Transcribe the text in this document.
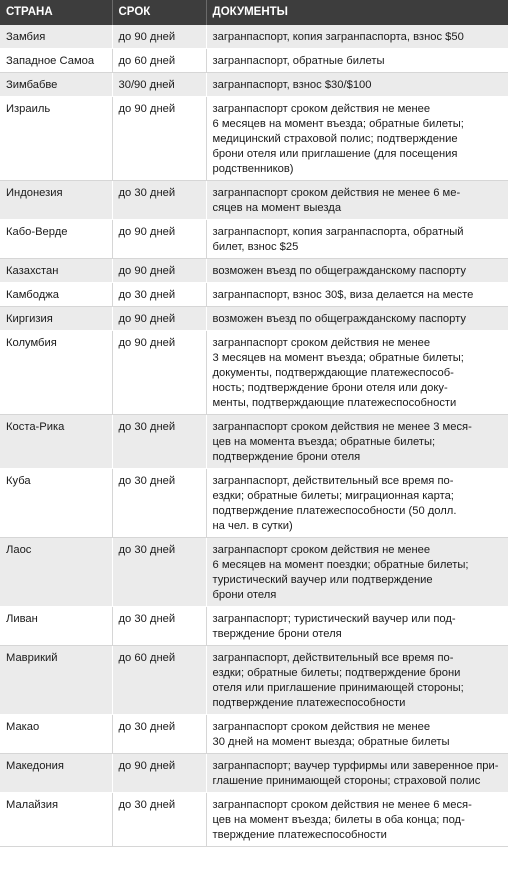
СТРАНА	СРОК	ДОКУМЕНТЫ
Замбия	до 90 дней	загранпаспорт, копия загранпаспорта, взнос $50
Западное Самоа	до 60 дней	загранпаспорт, обратные билеты
Зимбабве	30/90 дней	загранпаспорт, взнос $30/$100
Израиль	до 90 дней	загранпаспорт сроком действия не менее
6 месяцев на момент въезда; обратные билеты;
медицинский страховой полис; подтверждение
брони отеля или приглашение (для посещения
родственников)
Индонезия	до 30 дней	загранпаспорт сроком действия не менее 6 ме-
сяцев на момент выезда
Кабо-Верде	до 90 дней	загранпаспорт, копия загранпаспорта, обратный
билет, взнос $25
Казахстан	до 90 дней	возможен въезд по общегражданскому паспорту
Камбоджа	до 30 дней	загранпаспорт, взнос 30$, виза делается на месте
Киргизия	до 90 дней	возможен въезд по общегражданскому паспорту
Колумбия	до 90 дней	загранпаспорт сроком действия не менее
3 месяцев на момент въезда; обратные билеты;
документы, подтверждающие платежеспособ-
ность; подтверждение брони отеля или доку-
менты, подтверждающие платежеспособности
Коста-Рика	до 30 дней	загранпаспорт сроком действия не менее 3 меся-
цев на момента въезда; обратные билеты;
подтверждение брони отеля
Куба	до 30 дней	загранпаспорт, действительный все время по-
ездки; обратные билеты; миграционная карта;
подтверждение платежеспособности (50 долл.
на чел. в сутки)
Лаос	до 30 дней	загранпаспорт сроком действия не менее
6 месяцев на момент поездки; обратные билеты;
туристический ваучер или подтверждение
брони отеля
Ливан	до 30 дней	загранпаспорт; туристический ваучер или под-
тверждение брони отеля
Маврикий	до 60 дней	загранпаспорт, действительный все время по-
ездки; обратные билеты; подтверждение брони
отеля или приглашение принимающей стороны;
подтверждение платежеспособности
Макао	до 30 дней	загранпаспорт сроком действия не менее
30 дней на момент выезда; обратные билеты
Македония	до 90 дней	загранпаспорт; ваучер турфирмы или заверенное при-
глашение принимающей стороны; страховой полис
Малайзия	до 30 дней	загранпаспорт сроком действия не менее 6 меся-
цев на момент въезда; билеты в оба конца; под-
тверждение платежеспособности
